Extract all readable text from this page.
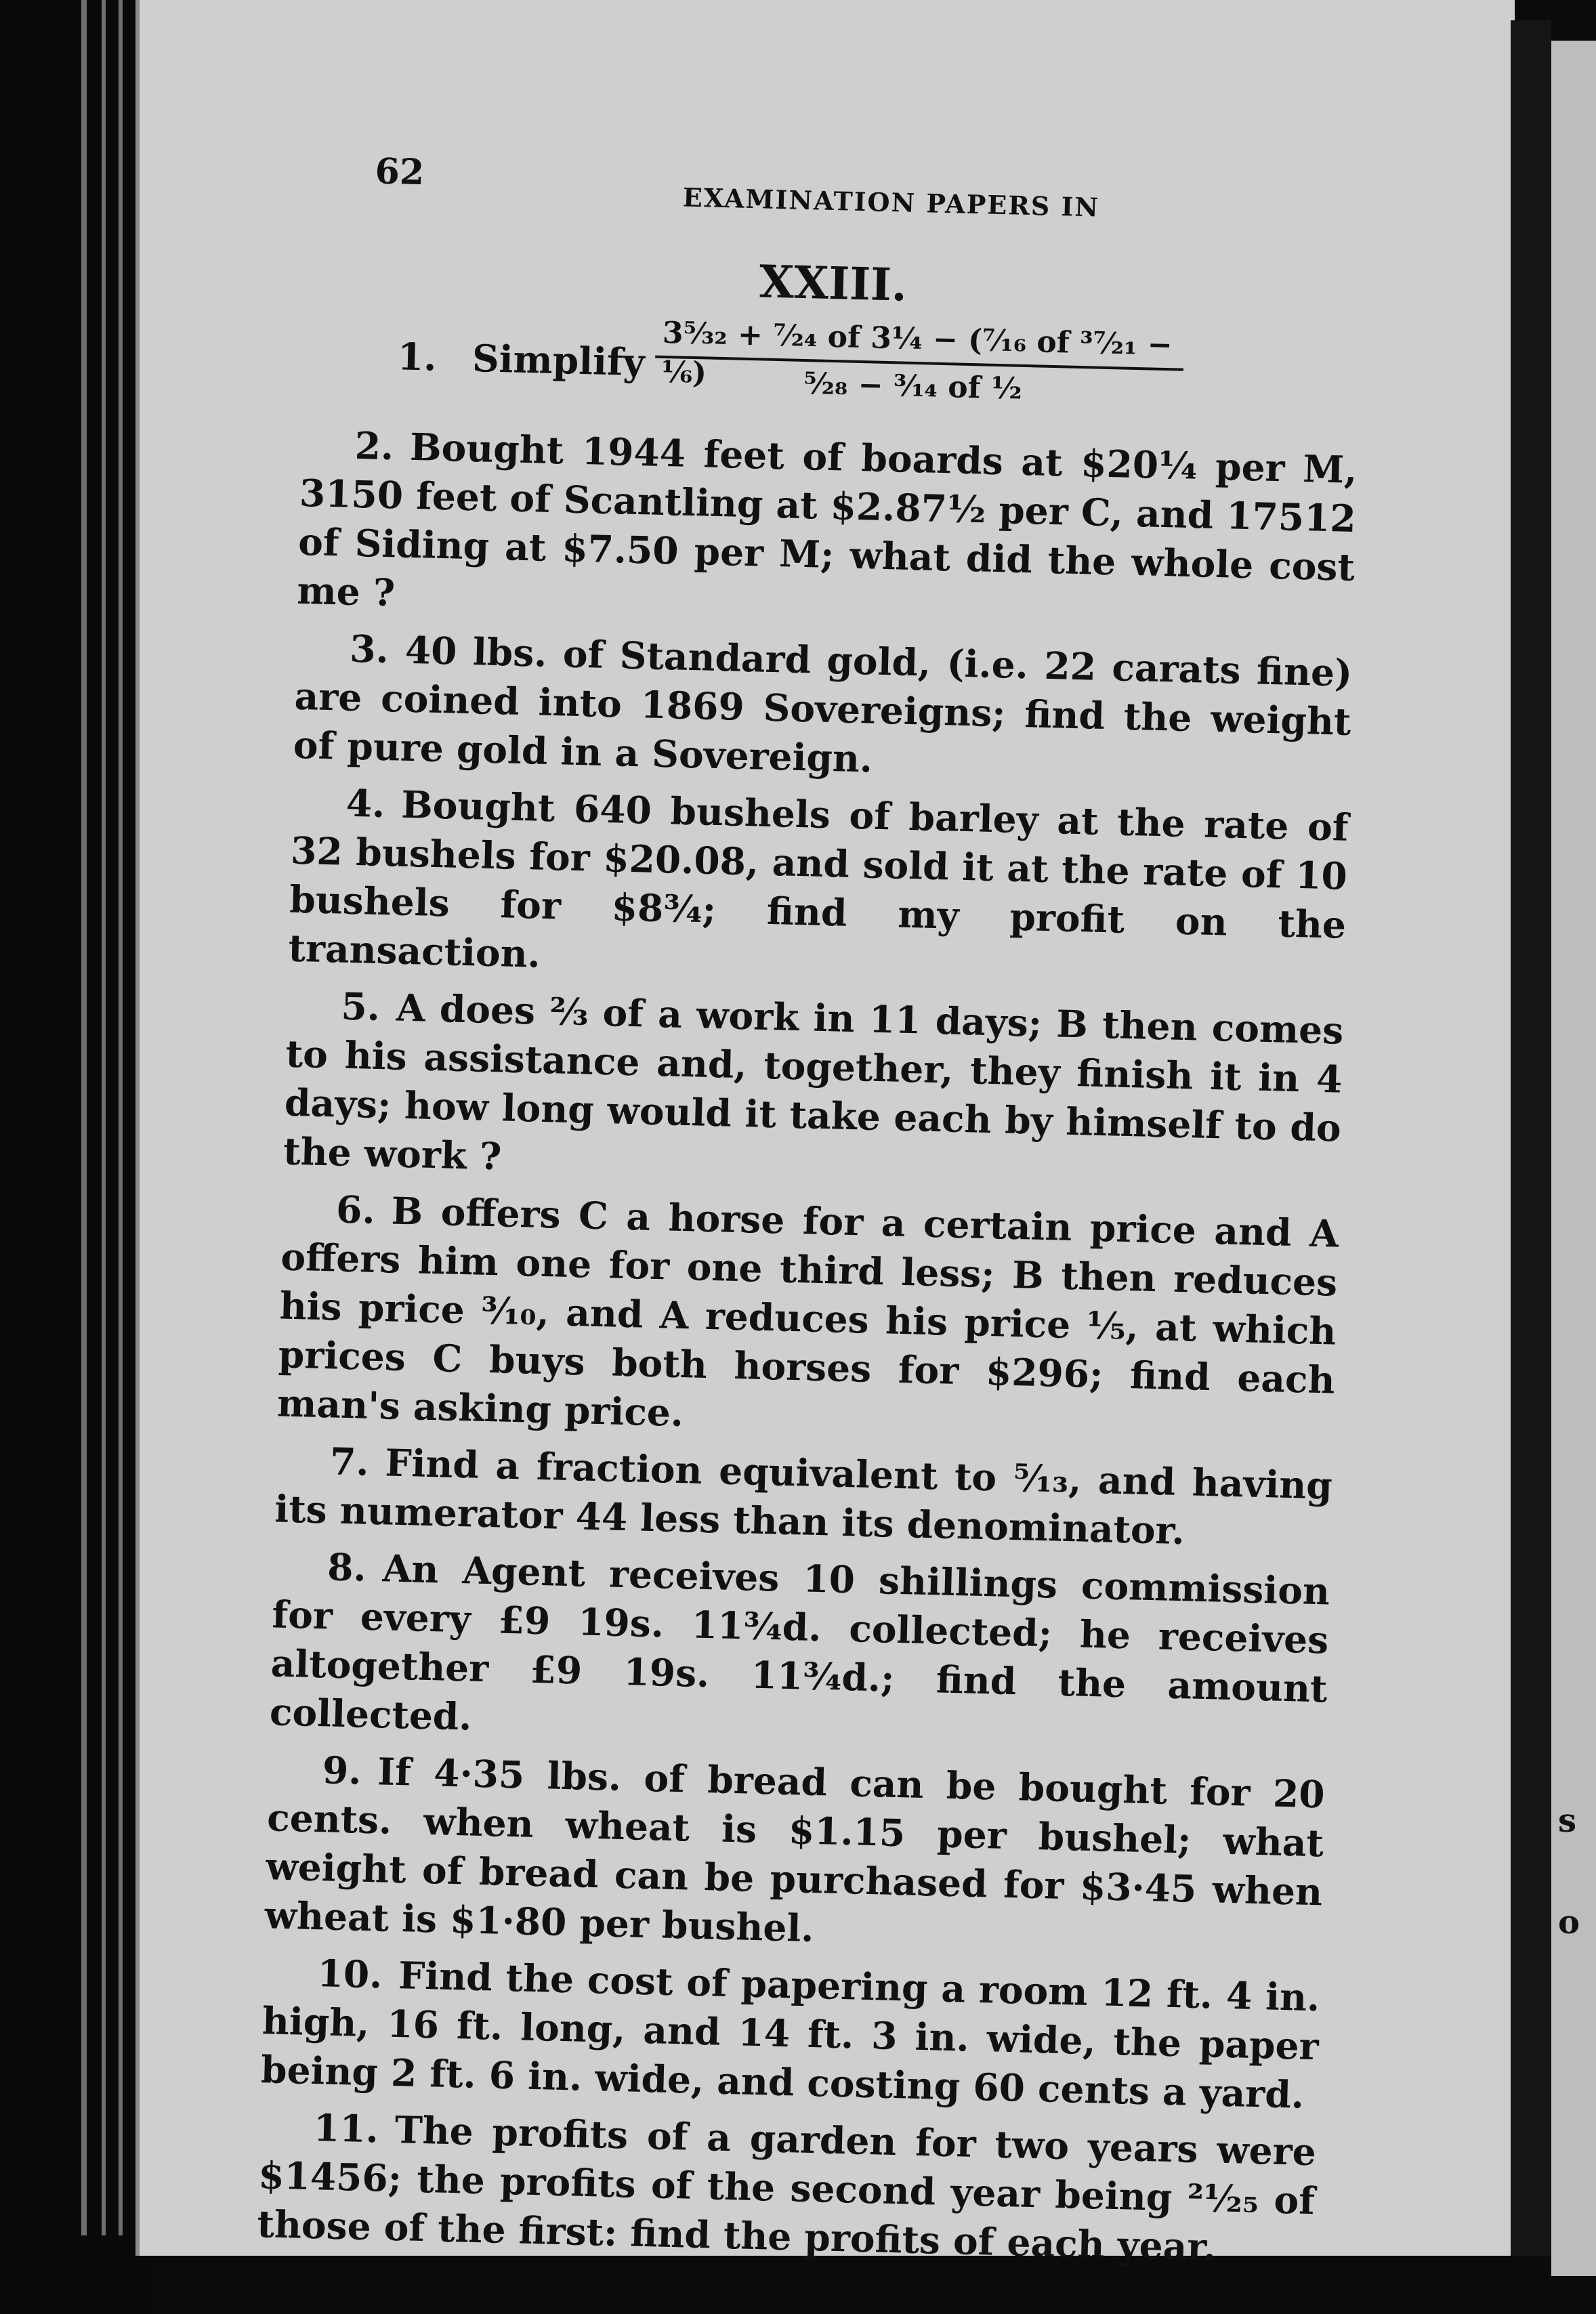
s
o
62
EXAMINATION PAPERS IN
XXIII.
1. Simplify 3⁵⁄₃₂ + ⁷⁄₂₄ of 3¼ − (⁷⁄₁₆ of ³⁷⁄₂₁ − ⅙)	⁵⁄₂₈ − ³⁄₁₄ of ½

2. Bought 1944 feet of boards at $20¼ per M, 3150 feet of Scantling at $2.87½ per C, and 17512 of Siding at $7.50 per M; what did the whole cost me ?

3. 40 lbs. of Standard gold, (i.e. 22 carats fine) are coined into 1869 Sovereigns; find the weight of pure gold in a Sovereign.

4. Bought 640 bushels of barley at the rate of 32 bushels for $20.08, and sold it at the rate of 10 bushels for $8¾; find my profit on the transaction.

5. A does ⅔ of a work in 11 days; B then comes to his assistance and, together, they finish it in 4 days; how long would it take each by himself to do the work ?

6. B offers C a horse for a certain price and A offers him one for one third less; B then reduces his price ³⁄₁₀, and A reduces his price ⅕, at which prices C buys both horses for $296; find each man's asking price.

7. Find a fraction equivalent to ⁵⁄₁₃, and having its numerator 44 less than its denominator.

8. An Agent receives 10 shillings commission for every £9 19s. 11¾d. collected; he receives altogether £9 19s. 11¾d.; find the amount collected.

9. If 4·35 lbs. of bread can be bought for 20 cents. when wheat is $1.15 per bushel; what weight of bread can be purchased for $3·45 when wheat is $1·80 per bushel.

10. Find the cost of papering a room 12 ft. 4 in. high, 16 ft. long, and 14 ft. 3 in. wide, the paper being 2 ft. 6 in. wide, and costing 60 cents a yard.

11. The profits of a garden for two years were $1456; the profits of the second year being ²¹⁄₂₅ of those of the first: find the profits of each year.
